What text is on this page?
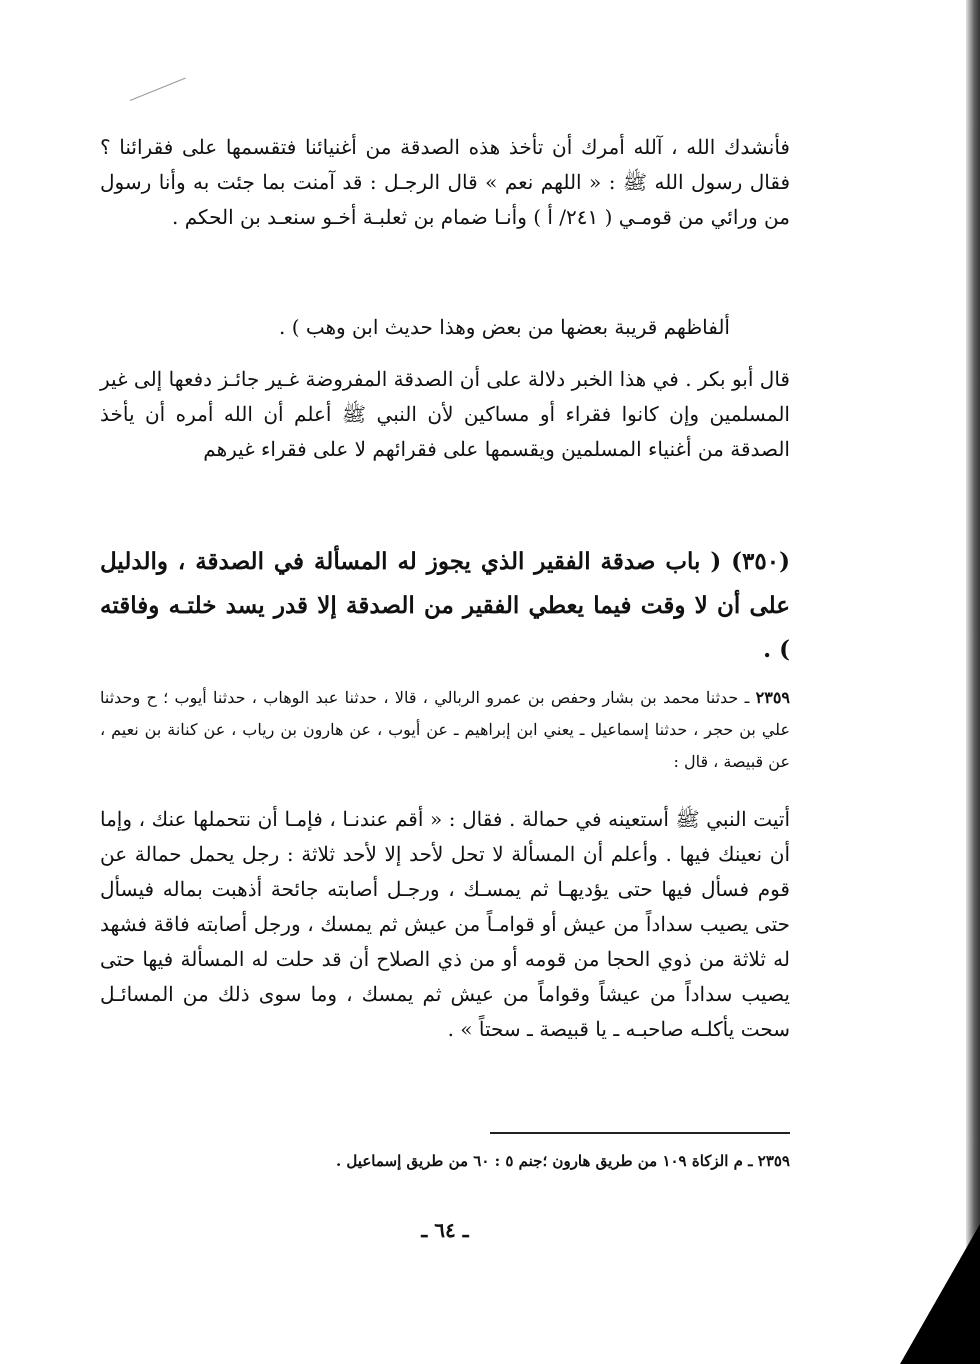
فأنشدك الله ، آلله أمرك أن تأخذ هذه الصدقة من أغنيائنا فتقسمها على فقرائنا ؟ فقال رسول الله ﷺ : « اللهم نعم » قال الرجـل : قد آمنت بما جئت به وأنا رسول من ورائي من قومـي ( ٢٤١/ أ ) وأنـا ضمام بن ثعلبـة أخـو سنعـد بن الحكم .

ألفاظهم قريبة بعضها من بعض وهذا حديث ابن وهب ) .

قال أبو بكر . في هذا الخبر دلالة على أن الصدقة المفروضة غـير جائـز دفعها إلى غير المسلمين وإن كانوا فقراء أو مساكين لأن النبي ﷺ أعلم أن الله أمره أن يأخذ الصدقة من أغنياء المسلمين ويقسمها على فقرائهم لا على فقراء غيرهم

(٣٥٠) ( باب صدقة الفقير الذي يجوز له المسألة في الصدقة ، والدليل على أن لا وقت فيما يعطي الفقير من الصدقة إلا قدر يسد خلتـه وفاقته ) .

٢٣٥٩ ـ حدثنا محمد بن بشار وحفص بن عمرو الربالي ، قالا ، حدثنا عبد الوهاب ، حدثنا أيوب ؛ ح وحدثنا علي بن حجر ، حدثنا إسماعيل ـ يعني ابن إبراهيم ـ عن أيوب ، عن هارون بن رياب ، عن كنانة بن نعيم ، عن قبيصة ، قال :

أتيت النبي ﷺ أستعينه في حمالة . فقال : « أقم عندنـا ، فإمـا أن نتحملها عنك ، وإما أن نعينك فيها . وأعلم أن المسألة لا تحل لأحد إلا لأحد ثلاثة : رجل يحمل حمالة عن قوم فسأل فيها حتى يؤديهـا ثم يمسـك ، ورجـل أصابته جائحة أذهبت بماله فيسأل حتى يصيب سداداً من عيش أو قوامـاً من عيش ثم يمسك ، ورجل أصابته فاقة فشهد له ثلاثة من ذوي الحجا من قومه أو من ذي الصلاح أن قد حلت له المسألة فيها حتى يصيب سداداً من عيشاً وقواماً من عيش ثم يمسك ، وما سوى ذلك من المسائـل سحت يأكلـه صاحبـه ـ يا قبيصة ـ سحتاً » .

٢٣٥٩ ـ م الزكاة ١٠٩ من طريق هارون ؛جنم ٥ : ٦٠ من طريق إسماعيل .

ـ ٦٤ ـ
